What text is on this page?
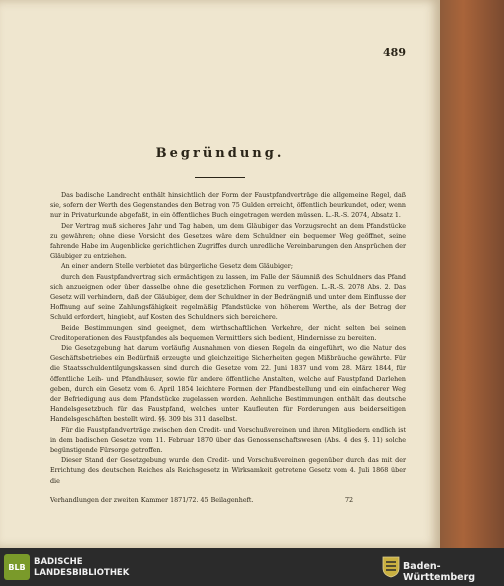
489
Begründung.

Das badische Landrecht enthält hinsichtlich der Form der Faustpfandverträge die allgemeine Regel, daß sie, sofern der Werth des Gegenstandes den Betrag von 75 Gulden erreicht, öffentlich beurkundet, oder, wenn nur in Privaturkunde abgefaßt, in ein öffentliches Buch eingetragen werden müssen. L.-R.-S. 2074, Absatz 1.

Der Vertrag muß sicheres Jahr und Tag haben, um dem Gläubiger das Vorzugsrecht an dem Pfandstücke zu gewähren; ohne diese Vorsicht des Gesetzes wäre dem Schuldner ein bequemer Weg geöffnet, seine fahrende Habe im Augenblicke gerichtlichen Zugriffes durch unredliche Vereinbarungen den Ansprüchen der Gläubiger zu entziehen.

An einer andern Stelle verbietet das bürgerliche Gesetz dem Gläubiger;

durch den Faustpfandvertrag sich ermächtigen zu lassen, im Falle der Säumniß des Schuldners das Pfand sich anzueignen oder über dasselbe ohne die gesetzlichen Formen zu verfügen. L.-R.-S. 2078 Abs. 2. Das Gesetz will verhindern, daß der Gläubiger, dem der Schuldner in der Bedrängniß und unter dem Einflusse der Hoffnung auf seine Zahlungsfähigkeit regelmäßig Pfandstücke von höherem Werthe, als der Betrag der Schuld erfordert, hingiebt, auf Kosten des Schuldners sich bereichere.

Beide Bestimmungen sind geeignet, dem wirthschaftlichen Verkehre, der nicht selten bei seinen Creditoperationen des Faustpfandes als bequemen Vermittlers sich bedient, Hindernisse zu bereiten.

Die Gesetzgebung hat darum vorläufig Ausnahmen von diesen Regeln da eingeführt, wo die Natur des Geschäftsbetriebes ein Bedürfniß erzeugte und gleichzeitige Sicherheiten gegen Mißbräuche gewährte. Für die Staatsschuldentilgungskassen sind durch die Gesetze vom 22. Juni 1837 und vom 28. März 1844, für öffentliche Leih- und Pfandhäuser, sowie für andere öffentliche Anstalten, welche auf Faustpfand Darlehen geben, durch ein Gesetz vom 6. April 1854 leichtere Formen der Pfandbestellung und ein einfacherer Weg der Befriedigung aus dem Pfandstücke zugelassen worden. Aehnliche Bestimmungen enthält das deutsche Handelsgesetzbuch für das Faustpfand, welches unter Kaufleuten für Forderungen aus beiderseitigen Handelsgeschäften bestellt wird. §§. 309 bis 311 daselbst.

Für die Faustpfandverträge zwischen den Credit- und Vorschußvereinen und ihren Mitgliedern endlich ist in dem badischen Gesetze vom 11. Februar 1870 über das Genossenschaftswesen (Abs. 4 des §. 11) solche begünstigende Fürsorge getroffen.

Dieser Stand der Gesetzgebung wurde den Credit- und Vorschußvereinen gegenüber durch das mit der Errichtung des deutschen Reiches als Reichsgesetz in Wirksamkeit getretene Gesetz vom 4. Juli 1868 über die

Verhandlungen der zweiten Kammer 1871/72. 45 Beilagenheft.	72
BLB BADISCHE
LANDESBIBLIOTHEK
Baden-Württemberg
